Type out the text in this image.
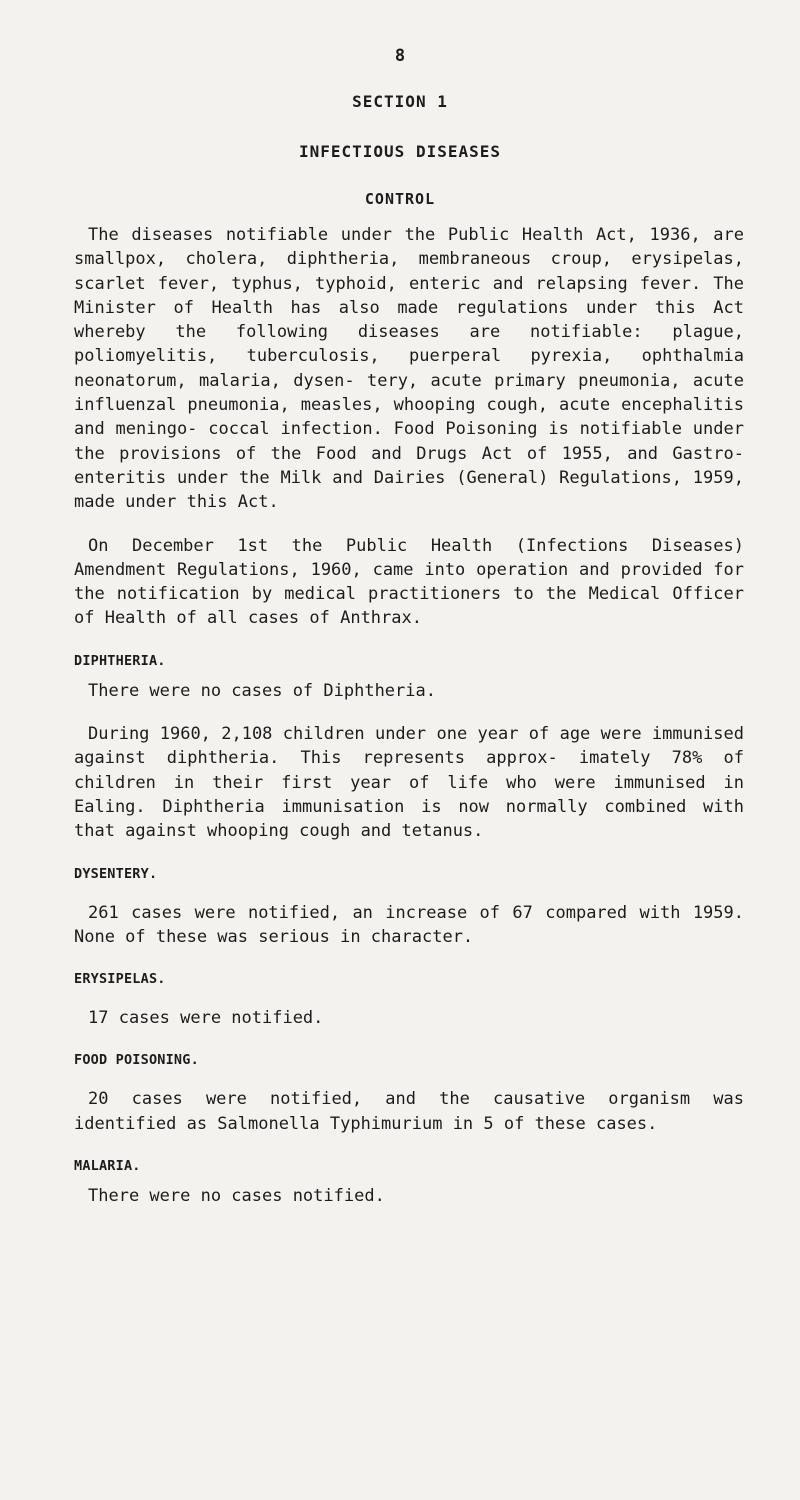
8
SECTION 1
INFECTIOUS DISEASES
CONTROL

The diseases notifiable under the Public Health Act, 1936, are smallpox, cholera, diphtheria, membraneous croup, erysipelas, scarlet fever, typhus, typhoid, enteric and relapsing fever. The Minister of Health has also made regulations under this Act whereby the following diseases are notifiable: plague, poliomyelitis, tuberculosis, puerperal pyrexia, ophthalmia neonatorum, malaria, dysen- tery, acute primary pneumonia, acute influenzal pneumonia, measles, whooping cough, acute encephalitis and meningo- coccal infection. Food Poisoning is notifiable under the provisions of the Food and Drugs Act of 1955, and Gastro- enteritis under the Milk and Dairies (General) Regulations, 1959, made under this Act.

On December 1st the Public Health (Infections Diseases) Amendment Regulations, 1960, came into operation and provided for the notification by medical practitioners to the Medical Officer of Health of all cases of Anthrax.

DIPHTHERIA.

There were no cases of Diphtheria.

During 1960, 2,108 children under one year of age were immunised against diphtheria. This represents approx- imately 78% of children in their first year of life who were immunised in Ealing. Diphtheria immunisation is now normally combined with that against whooping cough and tetanus.

DYSENTERY.

261 cases were notified, an increase of 67 compared with 1959. None of these was serious in character.

ERYSIPELAS.

17 cases were notified.

FOOD POISONING.

20 cases were notified, and the causative organism was identified as Salmonella Typhimurium in 5 of these cases.

MALARIA.

There were no cases notified.
